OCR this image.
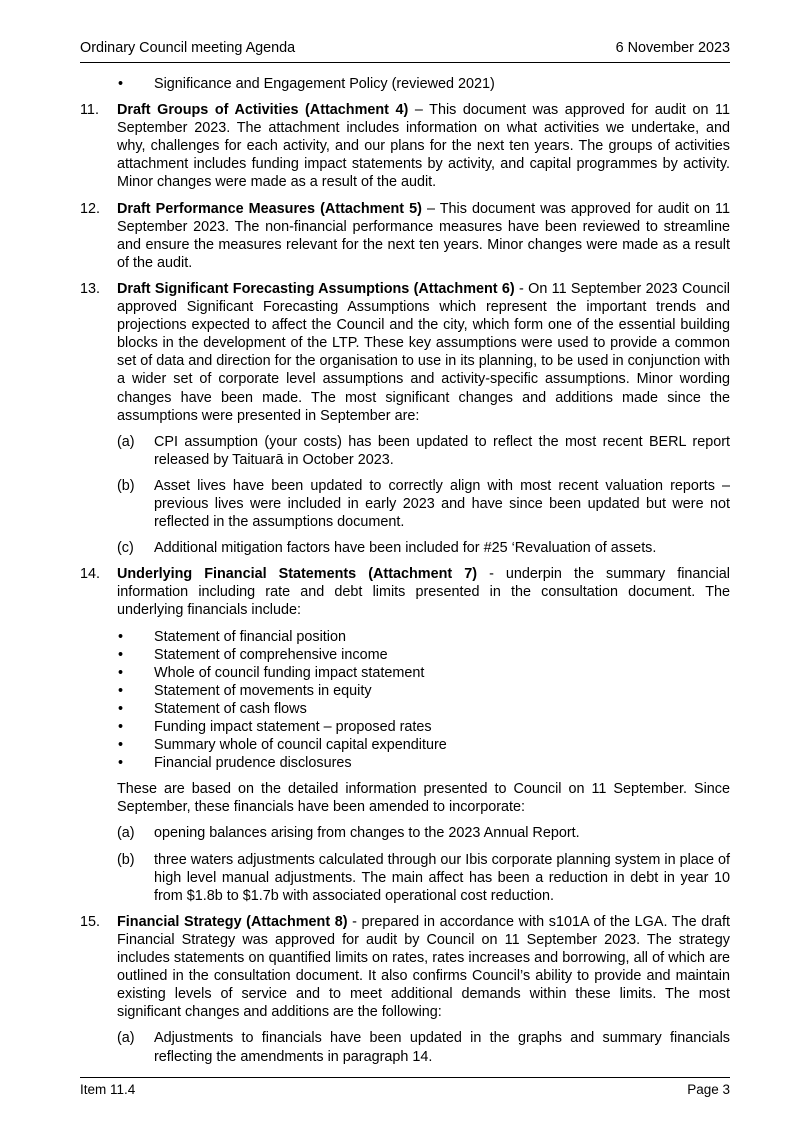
Ordinary Council meeting Agenda	6 November 2023
• Significance and Engagement Policy (reviewed 2021)
11. Draft Groups of Activities (Attachment 4) – This document was approved for audit on 11 September 2023. The attachment includes information on what activities we undertake, and why, challenges for each activity, and our plans for the next ten years. The groups of activities attachment includes funding impact statements by activity, and capital programmes by activity. Minor changes were made as a result of the audit.
12. Draft Performance Measures (Attachment 5) – This document was approved for audit on 11 September 2023. The non-financial performance measures have been reviewed to streamline and ensure the measures relevant for the next ten years. Minor changes were made as a result of the audit.
13. Draft Significant Forecasting Assumptions (Attachment 6) - On 11 September 2023 Council approved Significant Forecasting Assumptions which represent the important trends and projections expected to affect the Council and the city, which form one of the essential building blocks in the development of the LTP. These key assumptions were used to provide a common set of data and direction for the organisation to use in its planning, to be used in conjunction with a wider set of corporate level assumptions and activity-specific assumptions. Minor wording changes have been made. The most significant changes and additions made since the assumptions were presented in September are:
(a) CPI assumption (your costs) has been updated to reflect the most recent BERL report released by Taituarā in October 2023.
(b) Asset lives have been updated to correctly align with most recent valuation reports – previous lives were included in early 2023 and have since been updated but were not reflected in the assumptions document.
(c) Additional mitigation factors have been included for #25 ‘Revaluation of assets.
14. Underlying Financial Statements (Attachment 7) - underpin the summary financial information including rate and debt limits presented in the consultation document. The underlying financials include:
• Statement of financial position
• Statement of comprehensive income
• Whole of council funding impact statement
• Statement of movements in equity
• Statement of cash flows
• Funding impact statement – proposed rates
• Summary whole of council capital expenditure
• Financial prudence disclosures
These are based on the detailed information presented to Council on 11 September. Since September, these financials have been amended to incorporate:
(a) opening balances arising from changes to the 2023 Annual Report.
(b) three waters adjustments calculated through our Ibis corporate planning system in place of high level manual adjustments. The main affect has been a reduction in debt in year 10 from $1.8b to $1.7b with associated operational cost reduction.
15. Financial Strategy (Attachment 8) - prepared in accordance with s101A of the LGA. The draft Financial Strategy was approved for audit by Council on 11 September 2023. The strategy includes statements on quantified limits on rates, rates increases and borrowing, all of which are outlined in the consultation document. It also confirms Council’s ability to provide and maintain existing levels of service and to meet additional demands within these limits. The most significant changes and additions are the following:
(a) Adjustments to financials have been updated in the graphs and summary financials reflecting the amendments in paragraph 14.
Item 11.4	Page 3
